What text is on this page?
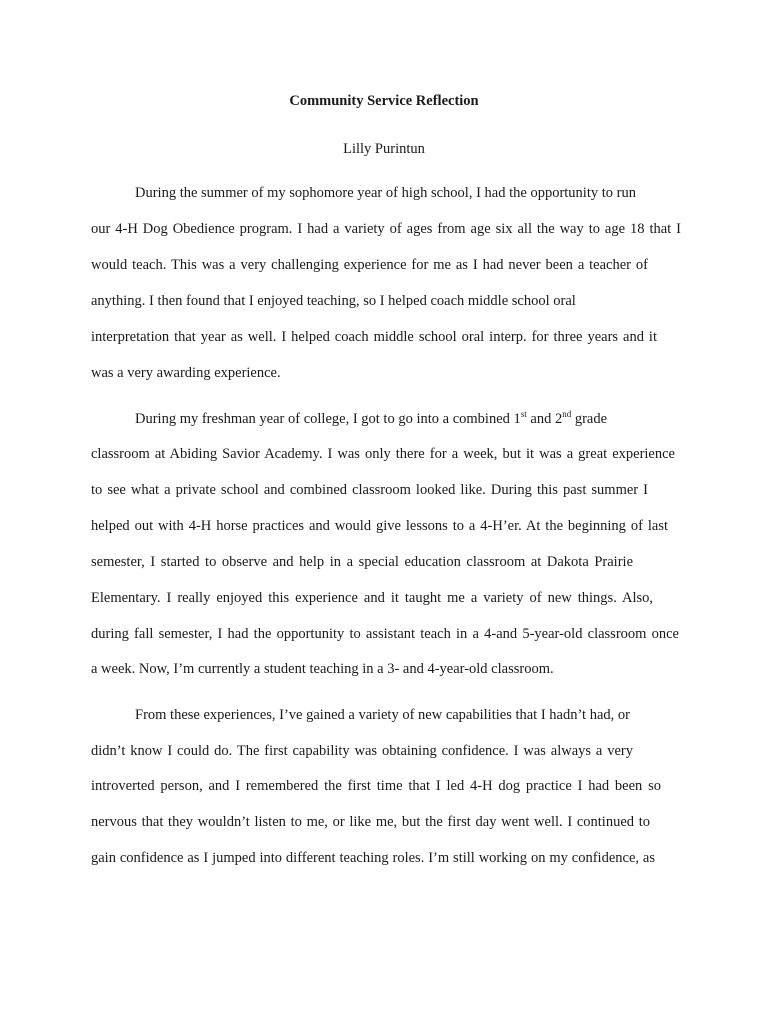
Community Service Reflection
Lilly Purintun
During the summer of my sophomore year of high school, I had the opportunity to run
our 4-H Dog Obedience program. I had a variety of ages from age six all the way to age 18 that I
would teach. This was a very challenging experience for me as I had never been a teacher of
anything. I then found that I enjoyed teaching, so I helped coach middle school oral
interpretation that year as well. I helped coach middle school oral interp. for three years and it
was a very awarding experience.
During my freshman year of college, I got to go into a combined 1st and 2nd grade
classroom at Abiding Savior Academy. I was only there for a week, but it was a great experience
to see what a private school and combined classroom looked like. During this past summer I
helped out with 4-H horse practices and would give lessons to a 4-H’er. At the beginning of last
semester, I started to observe and help in a special education classroom at Dakota Prairie
Elementary. I really enjoyed this experience and it taught me a variety of new things. Also,
during fall semester, I had the opportunity to assistant teach in a 4-and 5-year-old classroom once
a week. Now, I’m currently a student teaching in a 3- and 4-year-old classroom.
From these experiences, I’ve gained a variety of new capabilities that I hadn’t had, or
didn’t know I could do. The first capability was obtaining confidence. I was always a very
introverted person, and I remembered the first time that I led 4-H dog practice I had been so
nervous that they wouldn’t listen to me, or like me, but the first day went well. I continued to
gain confidence as I jumped into different teaching roles. I’m still working on my confidence, as
